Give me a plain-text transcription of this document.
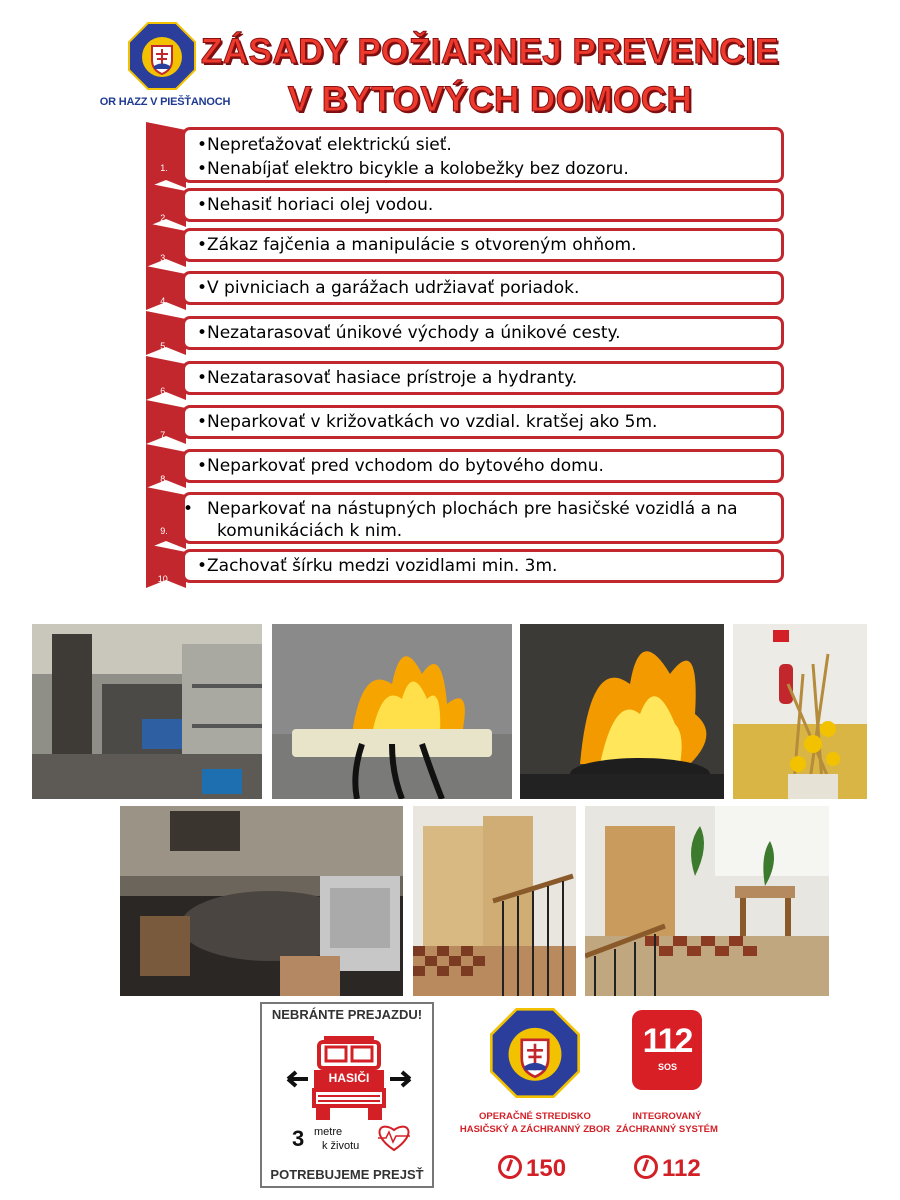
OR HAZZ V PIEŠŤANOCH
ZÁSADY POŽIARNEJ PREVENCIE
V BYTOVÝCH DOMOCH
1.
• Nepreťažovať elektrickú sieť.
• Nenabíjať elektro bicykle a kolobežky bez dozoru.
2.
• Nehasiť horiaci olej vodou.
3.
• Zákaz fajčenia a manipulácie s otvoreným ohňom.
4.
• V pivniciach a garážach udržiavať poriadok.
5.
• Nezatarasovať únikové východy a únikové cesty.
6.
• Nezatarasovať hasiace prístroje a hydranty.
7.
• Neparkovať v križovatkách vo vzdial. kratšej ako 5m.
8.
• Neparkovať pred vchodom do bytového domu.
9.
• Neparkovať na nástupných plochách pre hasičské vozidlá a na komunikáciách k nim.
10.
• Zachovať šírku medzi vozidlami min. 3m.
NEBRÁNTE PREJAZDU!
HASIČI
3 metre
k životu
POTREBUJEME PREJSŤ
OPERAČNÉ STREDISKO
HASIČSKÝ A ZÁCHRANNÝ ZBOR
150
112
SOS
INTEGROVANÝ
ZÁCHRANNÝ SYSTÉM
112
